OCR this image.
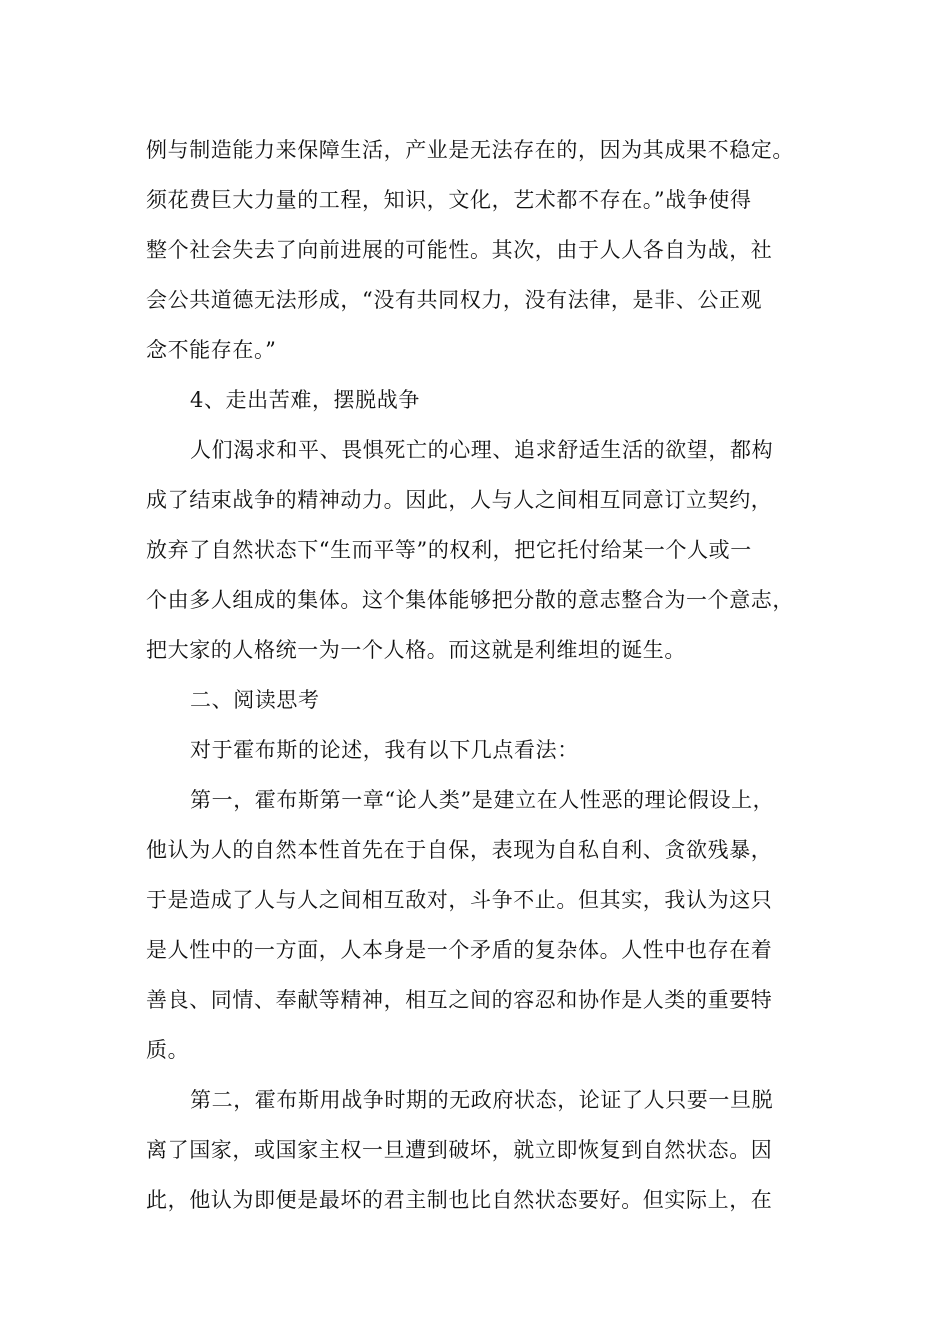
例与制造能力来保障生活，产业是无法存在的，因为其成果不稳定。
须花费巨大力量的工程，知识，文化，艺术都不存在。”战争使得
整个社会失去了向前进展的可能性。其次，由于人人各自为战，社
会公共道德无法形成，“没有共同权力，没有法律，是非、公正观
念不能存在。”
4、走出苦难，摆脱战争
人们渴求和平、畏惧死亡的心理、追求舒适生活的欲望，都构
成了结束战争的精神动力。因此，人与人之间相互同意订立契约，
放弃了自然状态下“生而平等”的权利，把它托付给某一个人或一
个由多人组成的集体。这个集体能够把分散的意志整合为一个意志，
把大家的人格统一为一个人格。而这就是利维坦的诞生。
二、阅读思考
对于霍布斯的论述，我有以下几点看法：
第一，霍布斯第一章“论人类”是建立在人性恶的理论假设上，
他认为人的自然本性首先在于自保，表现为自私自利、贪欲残暴，
于是造成了人与人之间相互敌对，斗争不止。但其实，我认为这只
是人性中的一方面，人本身是一个矛盾的复杂体。人性中也存在着
善良、同情、奉献等精神，相互之间的容忍和协作是人类的重要特
质。
第二，霍布斯用战争时期的无政府状态，论证了人只要一旦脱
离了国家，或国家主权一旦遭到破坏，就立即恢复到自然状态。因
此，他认为即便是最坏的君主制也比自然状态要好。但实际上，在
